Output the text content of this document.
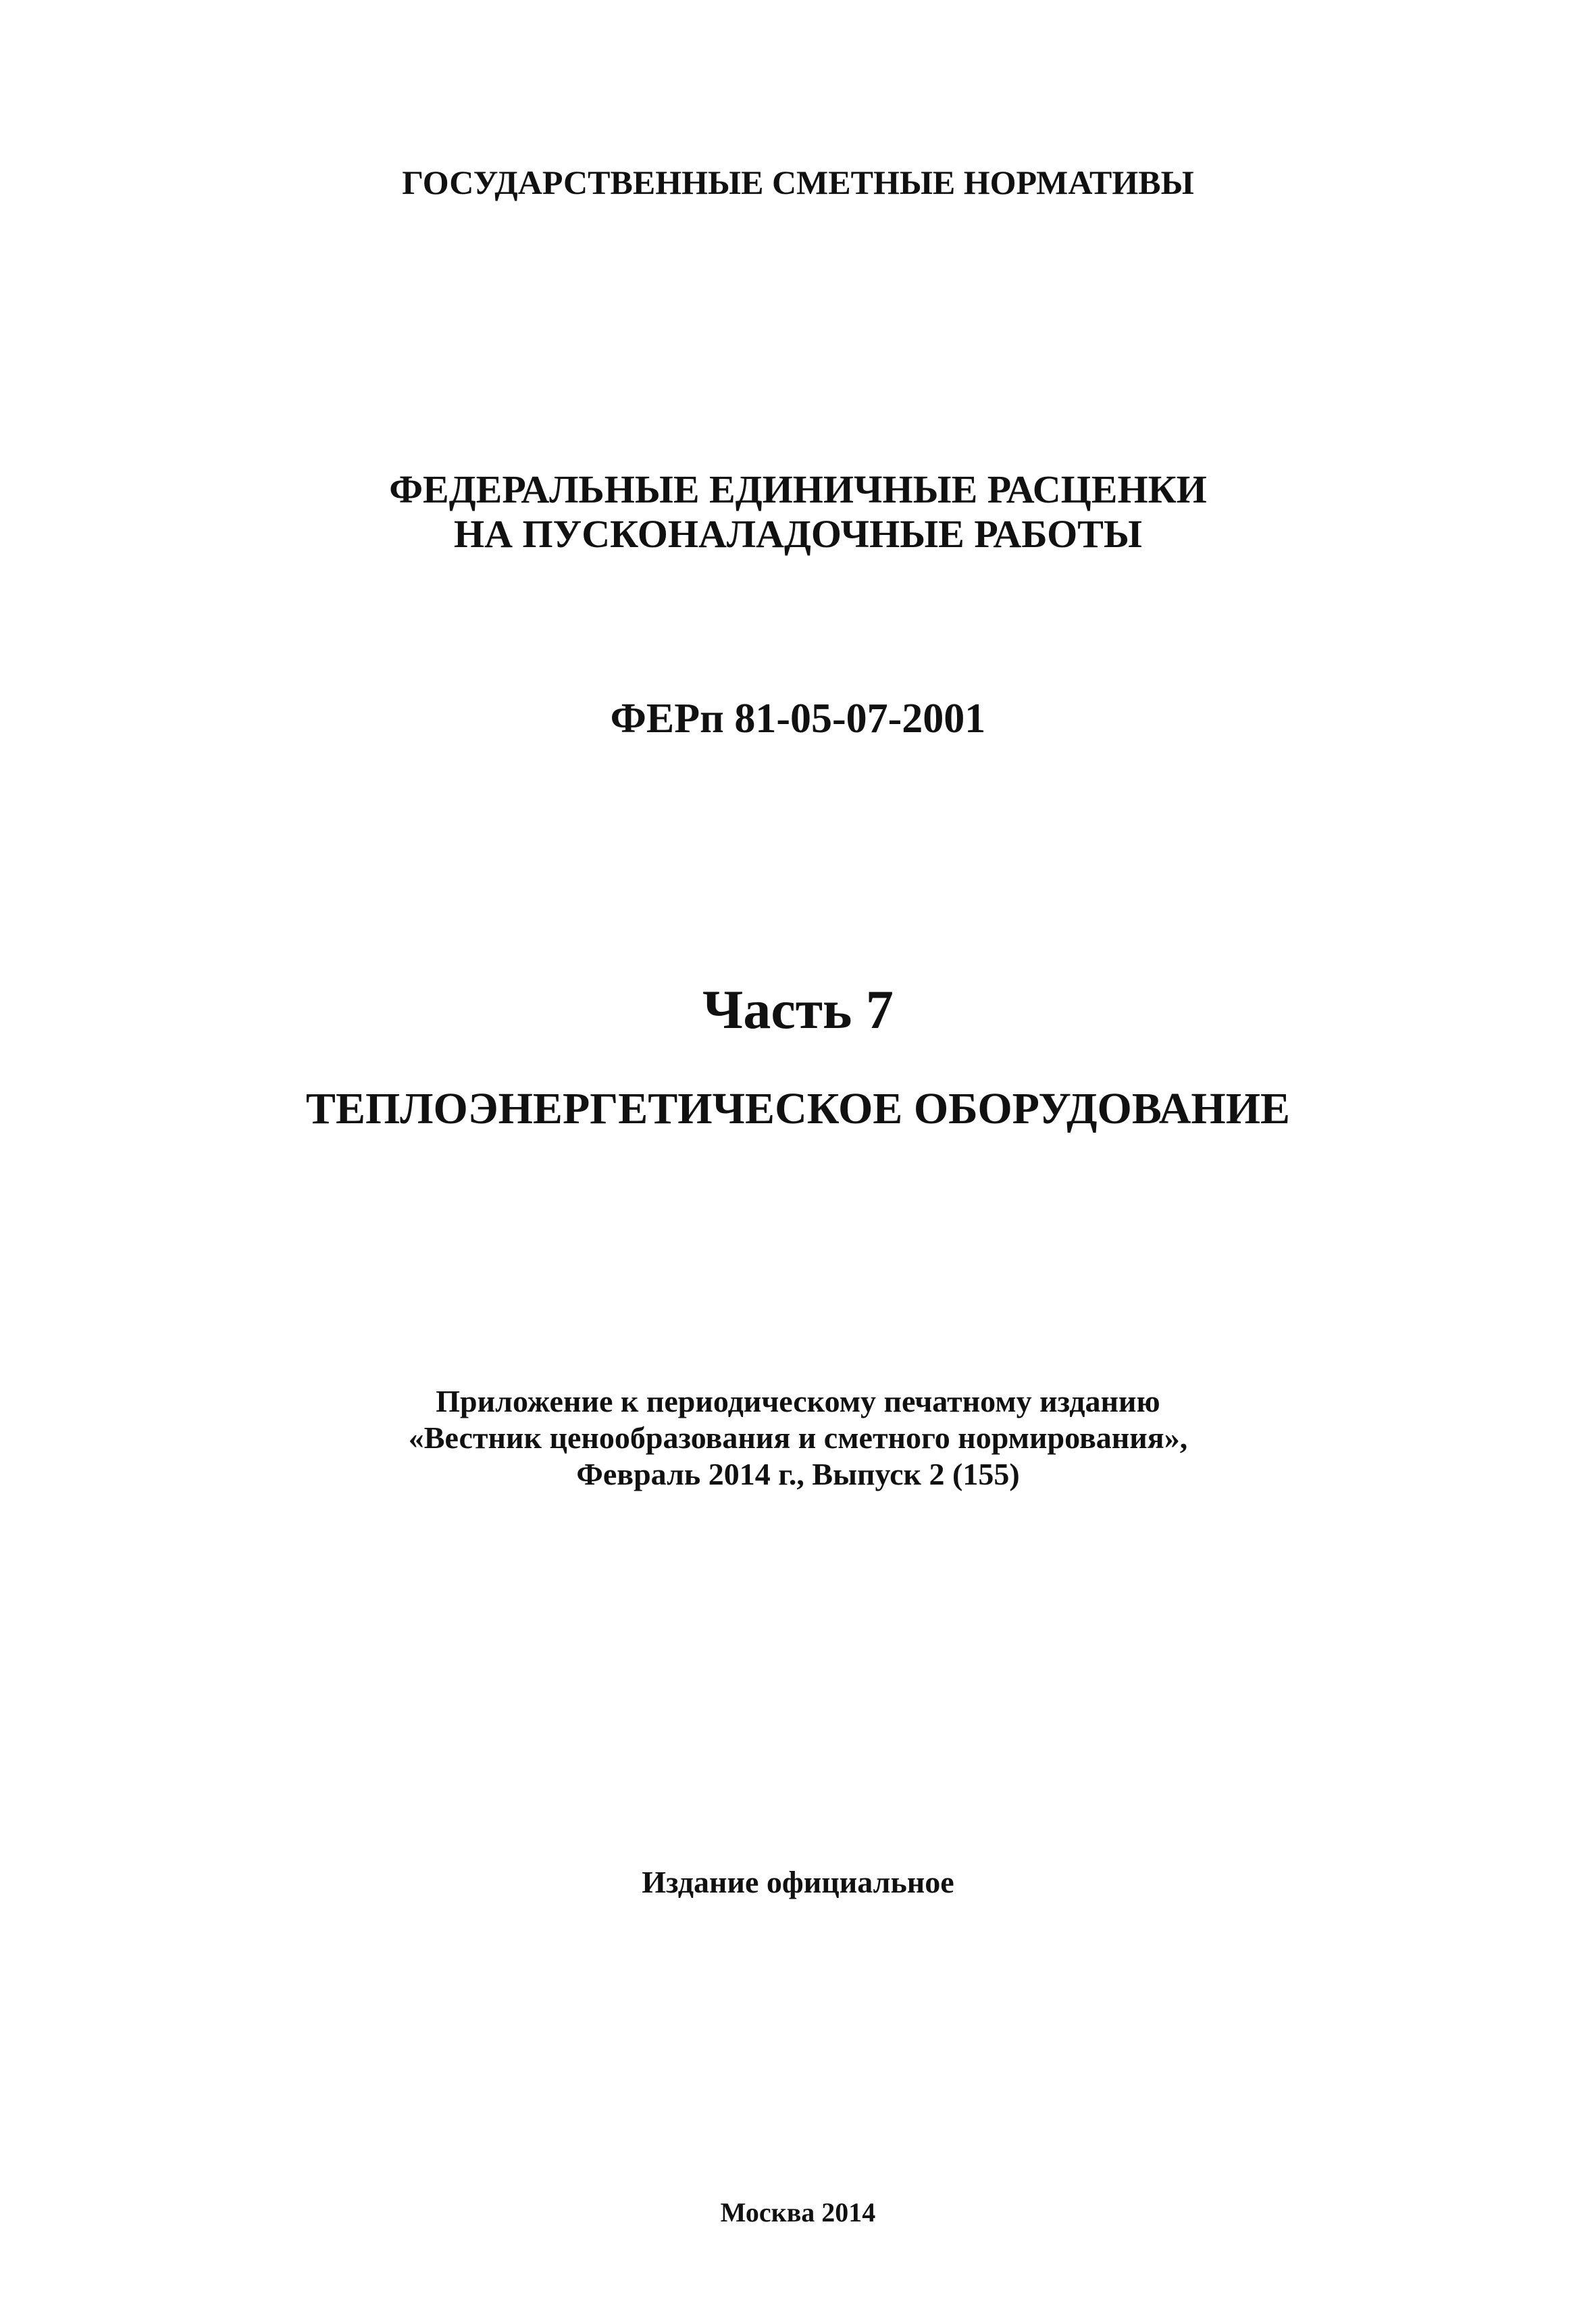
ГОСУДАРСТВЕННЫЕ СМЕТНЫЕ НОРМАТИВЫ
ФЕДЕРАЛЬНЫЕ ЕДИНИЧНЫЕ РАСЦЕНКИ
НА ПУСКОНАЛАДОЧНЫЕ РАБОТЫ
ФЕРп 81-05-07-2001
Часть 7
ТЕПЛОЭНЕРГЕТИЧЕСКОЕ ОБОРУДОВАНИЕ
Приложение к периодическому печатному изданию
«Вестник ценообразования и сметного нормирования»,
Февраль 2014 г., Выпуск 2 (155)
Издание официальное
Москва 2014
